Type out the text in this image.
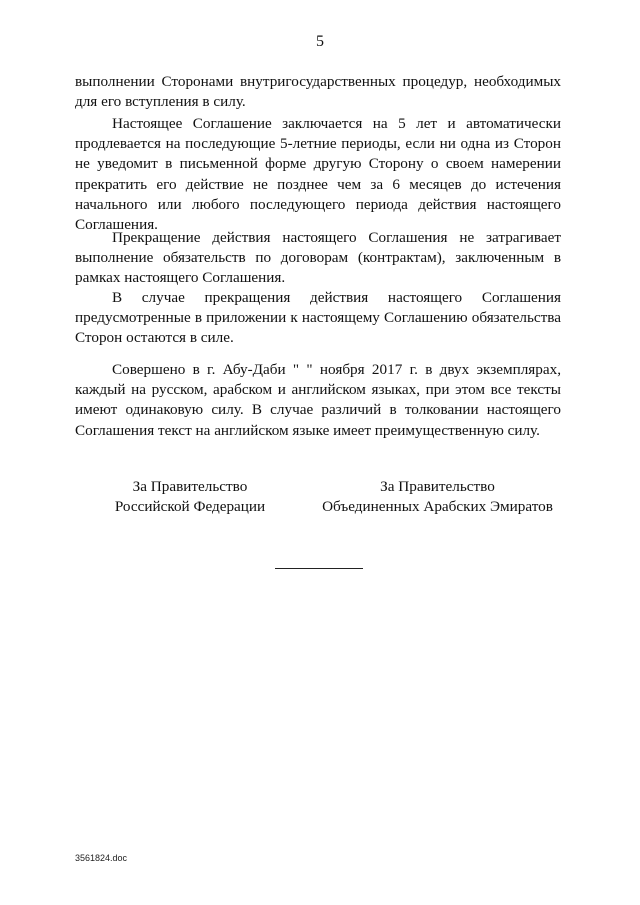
5

выполнении Сторонами внутригосударственных процедур, необходимых для его вступления в силу.

Настоящее Соглашение заключается на 5 лет и автоматически продлевается на последующие 5-летние периоды, если ни одна из Сторон не уведомит в письменной форме другую Сторону о своем намерении прекратить его действие не позднее чем за 6 месяцев до истечения начального или любого последующего периода действия настоящего Соглашения.

Прекращение действия настоящего Соглашения не затрагивает выполнение обязательств по договорам (контрактам), заключенным в рамках настоящего Соглашения.

В случае прекращения действия настоящего Соглашения предусмотренные в приложении к настоящему Соглашению обязательства Сторон остаются в силе.

Совершено в г. Абу-Даби " " ноября 2017 г. в двух экземплярах, каждый на русском, арабском и английском языках, при этом все тексты имеют одинаковую силу. В случае различий в толковании настоящего Соглашения текст на английском языке имеет преимущественную силу.

За Правительство
Российской Федерации
За Правительство
Объединенных Арабских Эмиратов
3561824.doc
